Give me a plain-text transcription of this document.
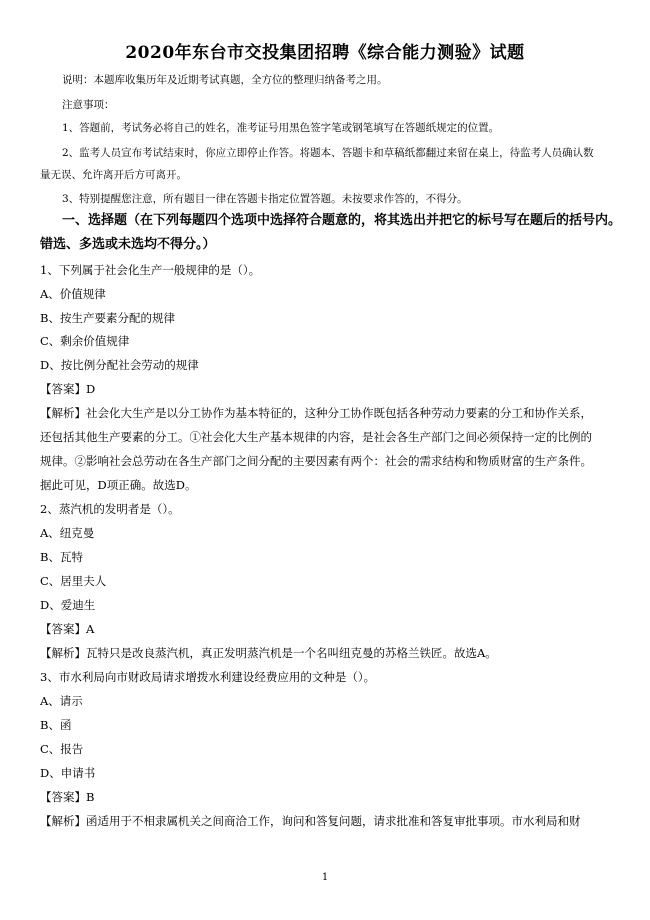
2020年东台市交投集团招聘《综合能力测验》试题
说明：本题库收集历年及近期考试真题，全方位的整理归纳备考之用。
注意事项：
1、答题前，考试务必将自己的姓名，准考证号用黑色签字笔或钢笔填写在答题纸规定的位置。
2、监考人员宣布考试结束时，你应立即停止作答。将题本、答题卡和草稿纸都翻过来留在桌上，待监考人员确认数
量无误、允许离开后方可离开。
3、特别提醒您注意，所有题目一律在答题卡指定位置答题。未按要求作答的，不得分。
一、选择题（在下列每题四个选项中选择符合题意的，将其选出并把它的标号写在题后的括号内。
错选、多选或未选均不得分。）
1、下列属于社会化生产一般规律的是（）。
A、价值规律
B、按生产要素分配的规律
C、剩余价值规律
D、按比例分配社会劳动的规律
【答案】D
【解析】社会化大生产是以分工协作为基本特征的，这种分工协作既包括各种劳动力要素的分工和协作关系，
还包括其他生产要素的分工。①社会化大生产基本规律的内容，是社会各生产部门之间必须保持一定的比例的
规律。②影响社会总劳动在各生产部门之间分配的主要因素有两个：社会的需求结构和物质财富的生产条件。
据此可见，D项正确。故选D。
2、蒸汽机的发明者是（）。
A、纽克曼
B、瓦特
C、居里夫人
D、爱迪生
【答案】A
【解析】瓦特只是改良蒸汽机，真正发明蒸汽机是一个名叫纽克曼的苏格兰铁匠。故选A。
3、市水利局向市财政局请求增拨水利建设经费应用的文种是（）。
A、请示
B、函
C、报告
D、申请书
【答案】B
【解析】函适用于不相隶属机关之间商洽工作，询问和答复问题，请求批准和答复审批事项。市水利局和财
1
